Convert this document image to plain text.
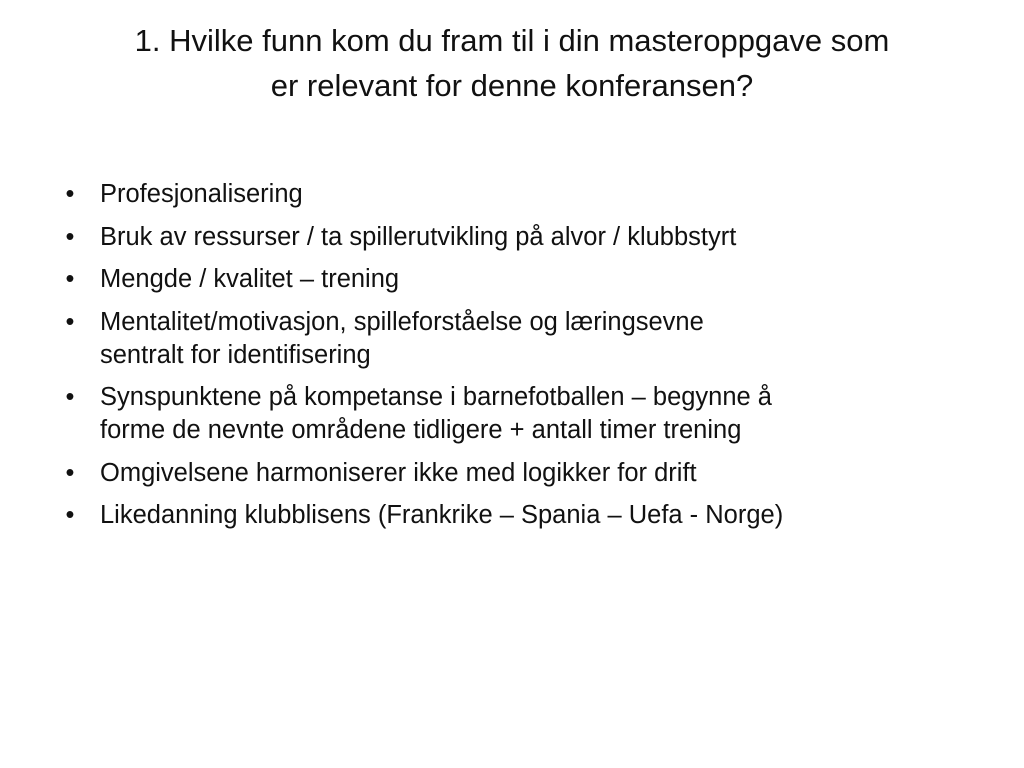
1. Hvilke funn kom du fram til i din masteroppgave som
er relevant for denne konferansen?
• Profesjonalisering
• Bruk av ressurser / ta spillerutvikling på alvor / klubbstyrt
• Mengde / kvalitet – trening
• Mentalitet/motivasjon, spilleforståelse og læringsevne
sentralt for identifisering
• Synspunktene på kompetanse i barnefotballen – begynne å
forme de nevnte områdene tidligere + antall timer trening
• Omgivelsene harmoniserer ikke med logikker for drift
• Likedanning klubblisens (Frankrike – Spania – Uefa - Norge)
